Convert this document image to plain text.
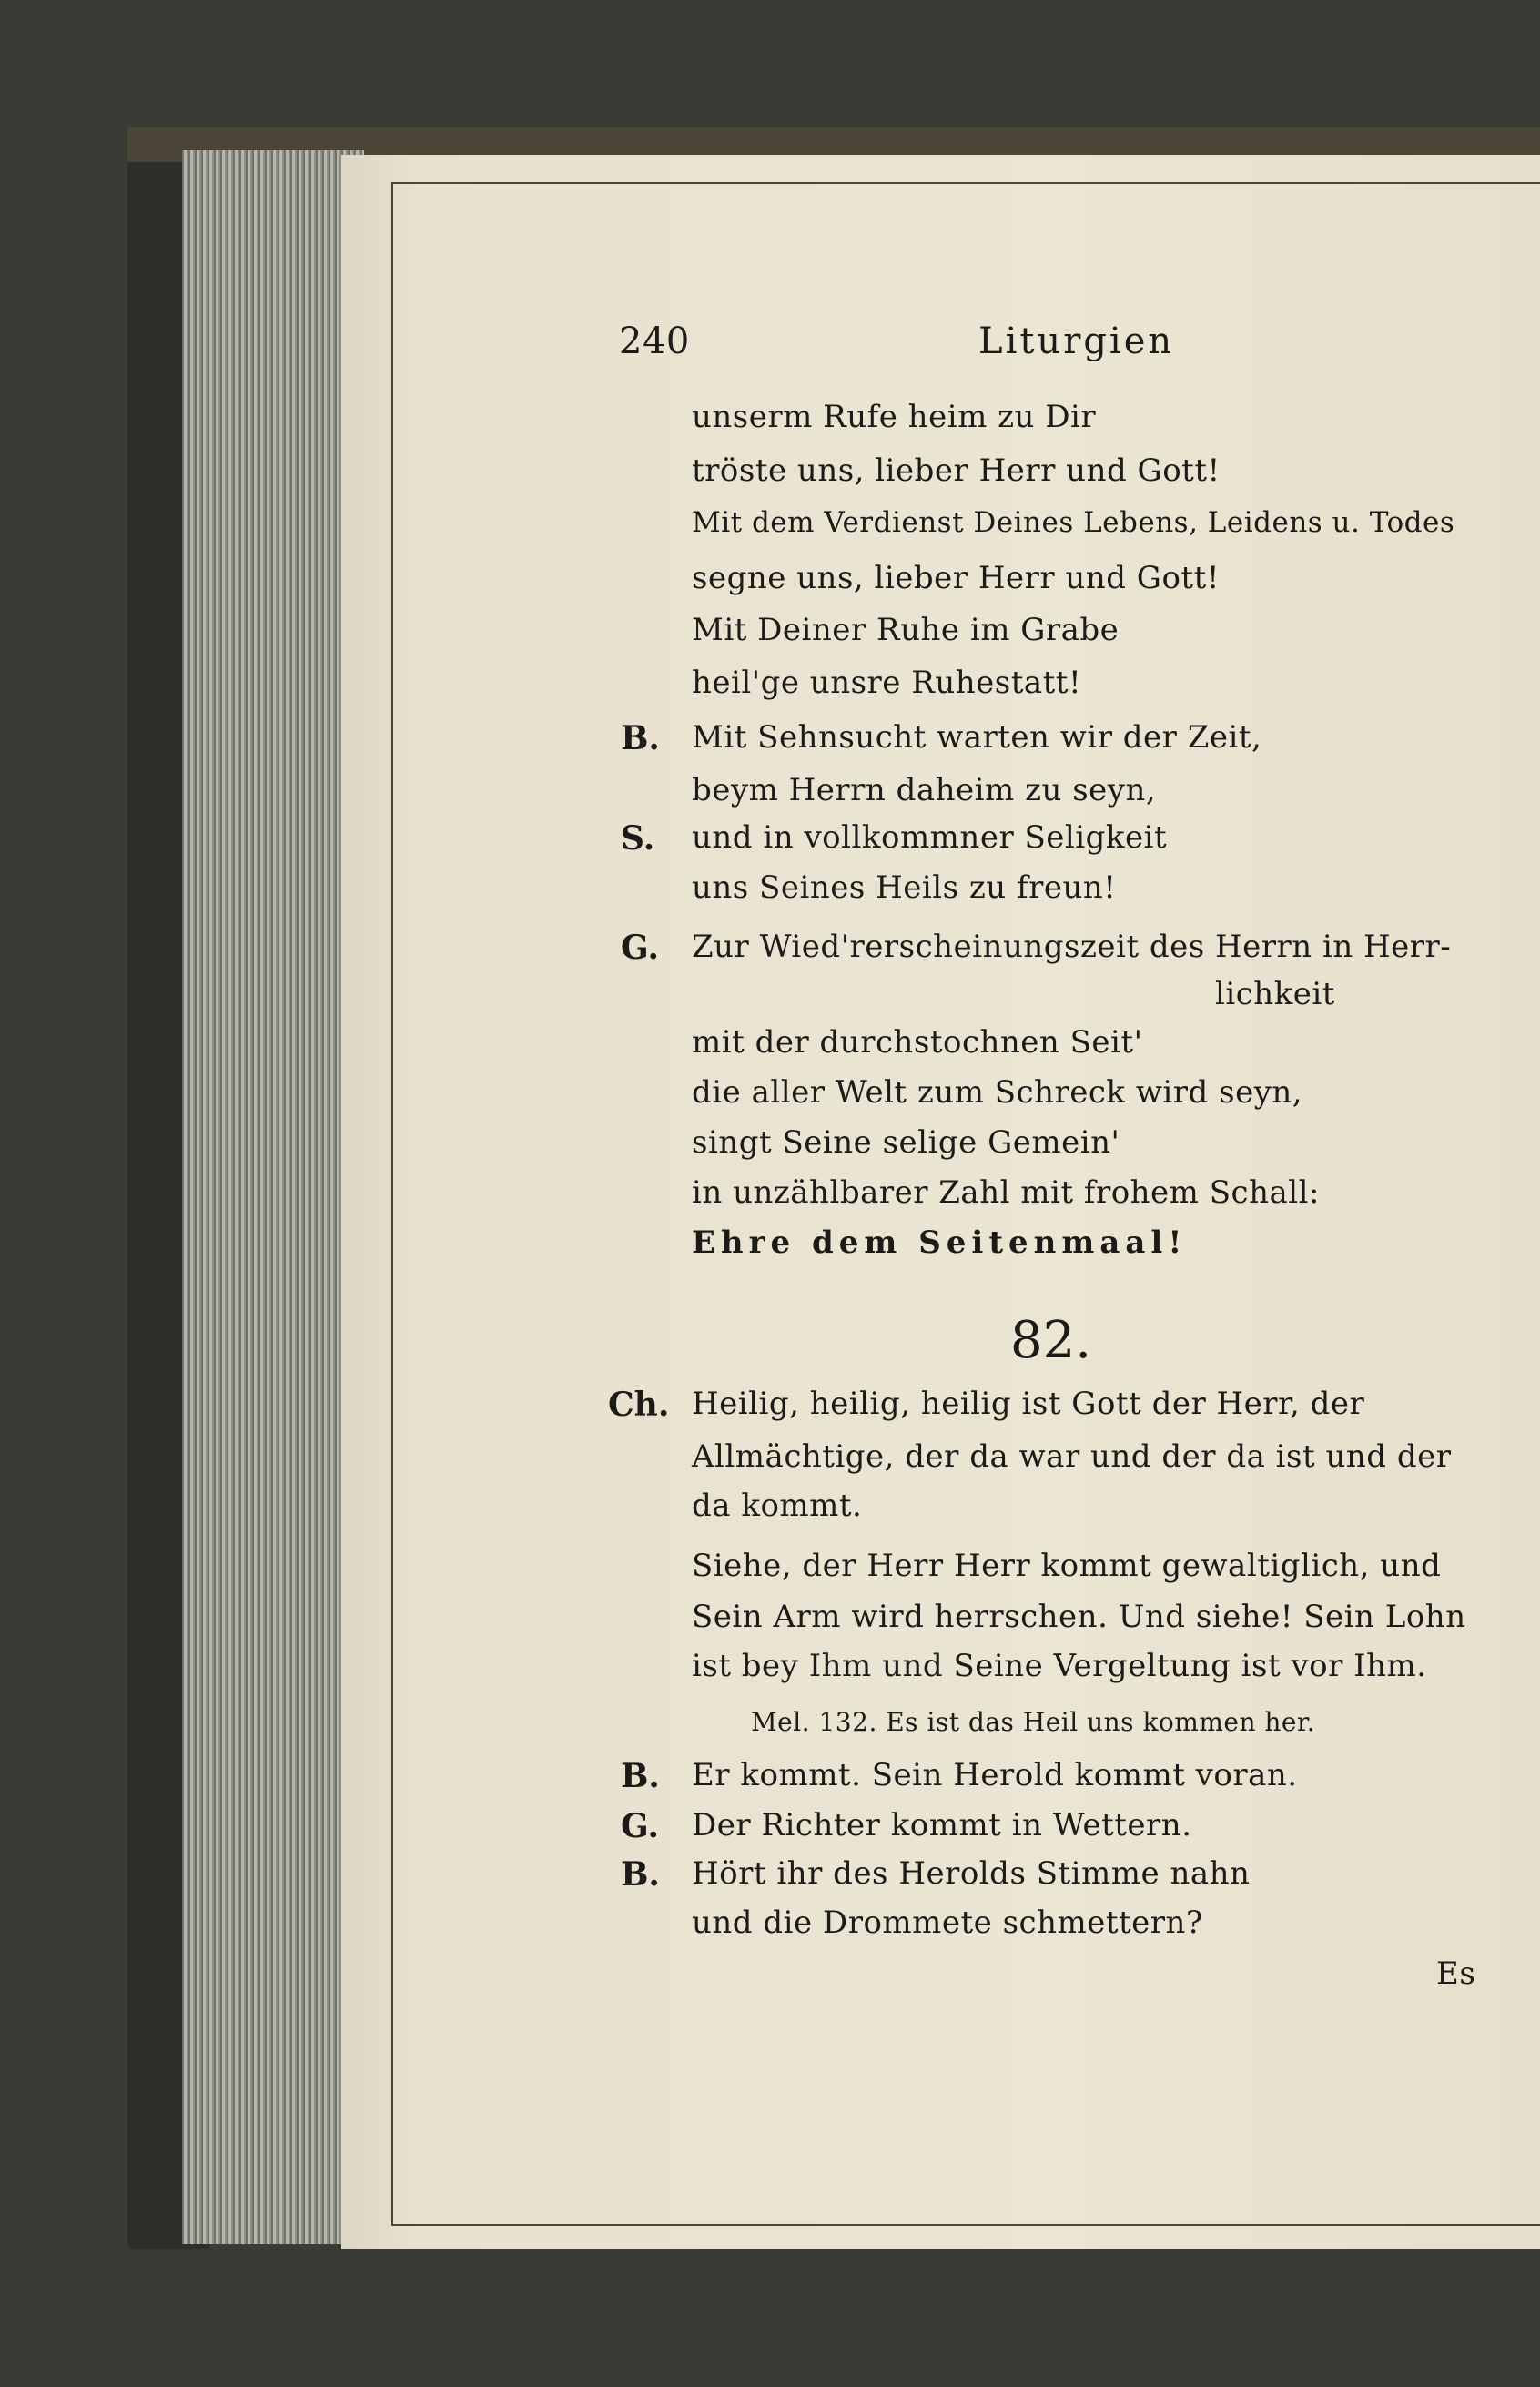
240	Liturgien
unserm Rufe heim zu Dir
tröste uns, lieber Herr und Gott!
Mit dem Verdienst Deines Lebens, Leidens u. Todes
segne uns, lieber Herr und Gott!
Mit Deiner Ruhe im Grabe
heil'ge unsre Ruhestatt!
B. Mit Sehnsucht warten wir der Zeit,
beym Herrn daheim zu seyn,
S. und in vollkommner Seligkeit
uns Seines Heils zu freun!
G. Zur Wied'rerscheinungszeit des Herrn in Herr-
lichkeit
mit der durchstochnen Seit'
die aller Welt zum Schreck wird seyn,
singt Seine selige Gemein'
in unzählbarer Zahl mit frohem Schall:
Ehre dem Seitenmaal!
82.
Ch. Heilig, heilig, heilig ist Gott der Herr, der
Allmächtige, der da war und der da ist und der
da kommt.
Siehe, der Herr Herr kommt gewaltiglich, und
Sein Arm wird herrschen. Und siehe! Sein Lohn
ist bey Ihm und Seine Vergeltung ist vor Ihm.
Mel. 132. Es ist das Heil uns kommen her.
B. Er kommt. Sein Herold kommt voran.
G. Der Richter kommt in Wettern.
B. Hört ihr des Herolds Stimme nahn
und die Drommete schmettern?
Es
